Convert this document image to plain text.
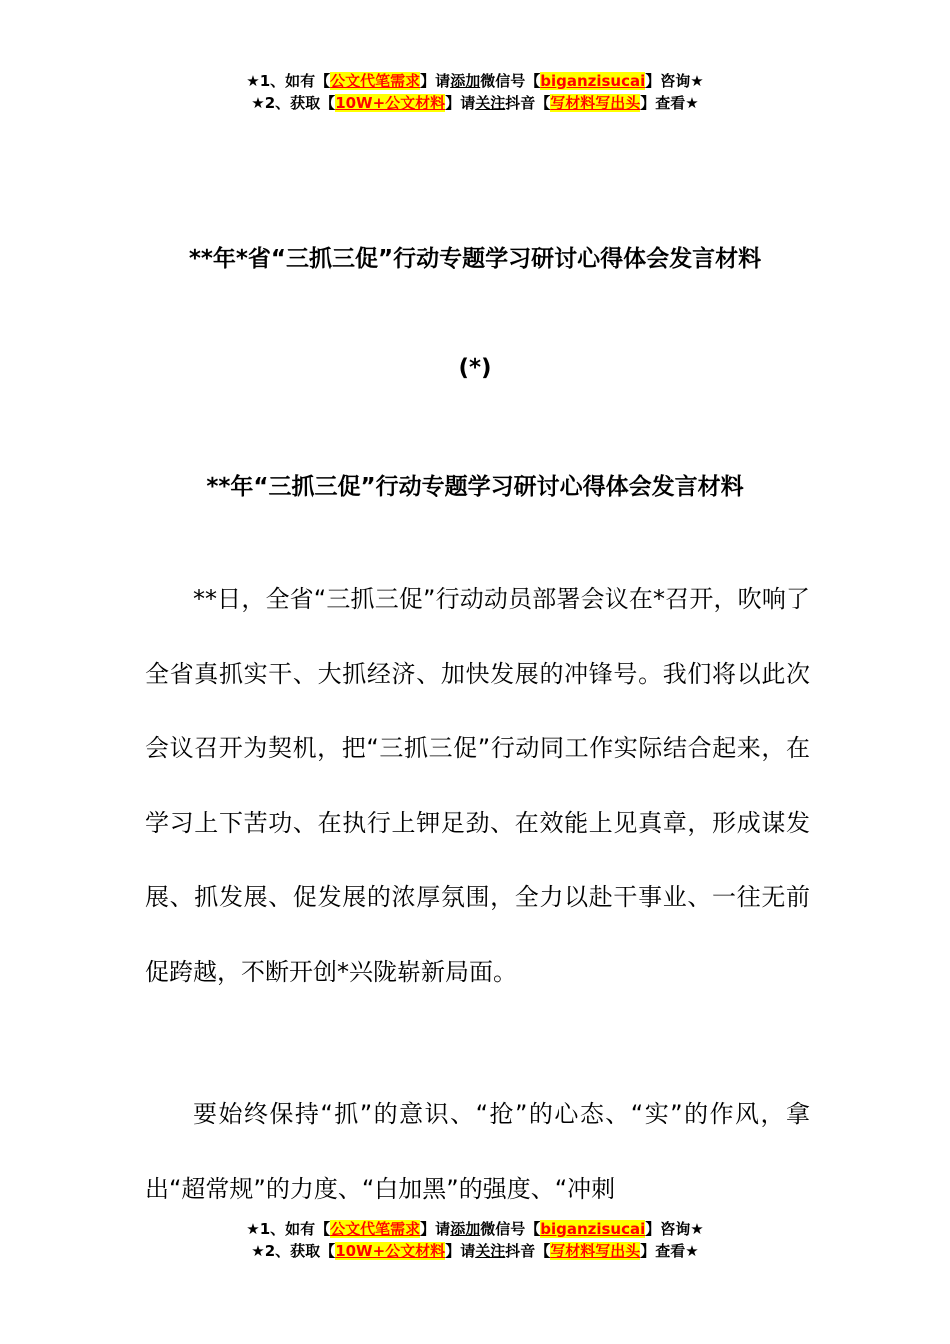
★1、如有【公文代笔需求】请添加微信号【biganzisucai】咨询★
★2、获取【10W+公文材料】请关注抖音【写材料写出头】查看★
**年*省“三抓三促”行动专题学习研讨心得体会发言材料
(*)
**年“三抓三促”行动专题学习研讨心得体会发言材料
**日，全省“三抓三促”行动动员部署会议在*召开，吹响了全省真抓实干、大抓经济、加快发展的冲锋号。我们将以此次会议召开为契机，把“三抓三促”行动同工作实际结合起来，在学习上下苦功、在执行上钾足劲、在效能上见真章，形成谋发展、抓发展、促发展的浓厚氛围，全力以赴干事业、一往无前促跨越，不断开创*兴陇崭新局面。
要始终保持“抓”的意识、“抢”的心态、“实”的作风，拿出“超常规”的力度、“白加黑”的强度、“冲刺
★1、如有【公文代笔需求】请添加微信号【biganzisucai】咨询★
★2、获取【10W+公文材料】请关注抖音【写材料写出头】查看★
